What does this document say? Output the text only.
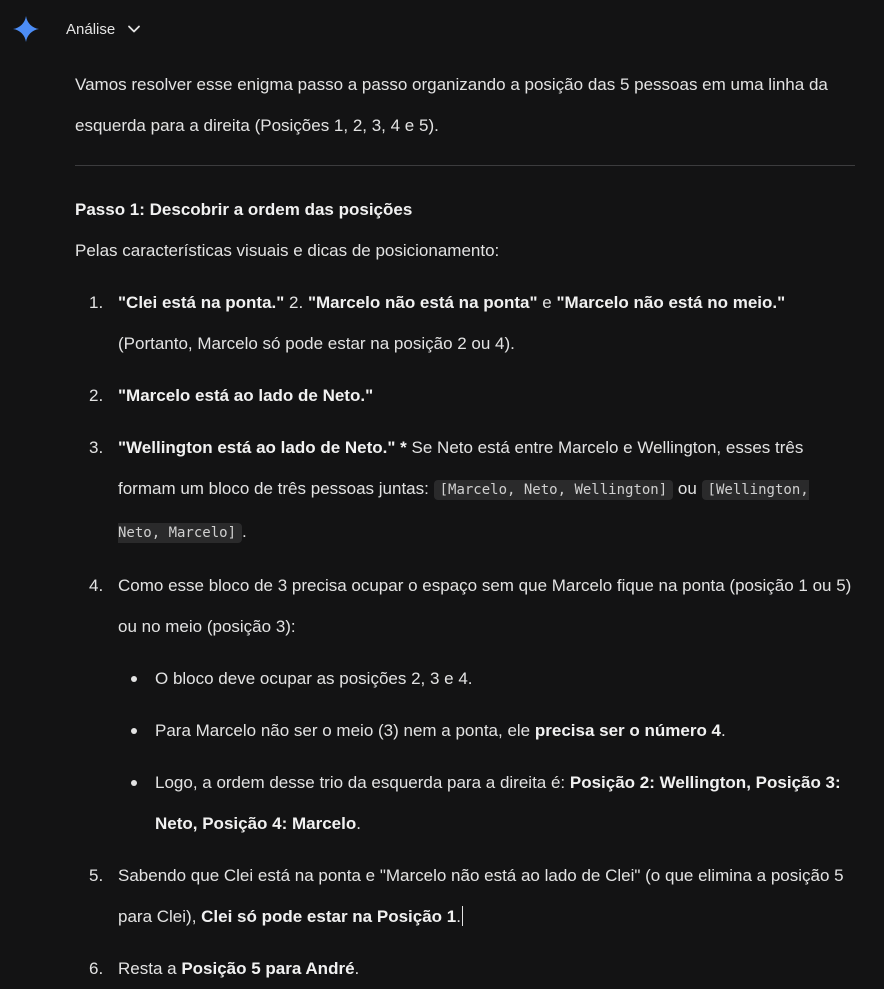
Análise

Vamos resolver esse enigma passo a passo organizando a posição das 5 pessoas em uma linha da esquerda para a direita (Posições 1, 2, 3, 4 e 5).

Passo 1: Descobrir a ordem das posições

Pelas características visuais e dicas de posicionamento:

1. "Clei está na ponta." 2. "Marcelo não está na ponta" e "Marcelo não está no meio." (Portanto, Marcelo só pode estar na posição 2 ou 4).
2. "Marcelo está ao lado de Neto."
3. "Wellington está ao lado de Neto." * Se Neto está entre Marcelo e Wellington, esses três formam um bloco de três pessoas juntas: [Marcelo, Neto, Wellington] ou [Wellington, Neto, Marcelo] .
4. Como esse bloco de 3 precisa ocupar o espaço sem que Marcelo fique na ponta (posição 1 ou 5) ou no meio (posição 3):
O bloco deve ocupar as posições 2, 3 e 4.
Para Marcelo não ser o meio (3) nem a ponta, ele precisa ser o número 4.
Logo, a ordem desse trio da esquerda para a direita é: Posição 2: Wellington, Posição 3: Neto, Posição 4: Marcelo.
5. Sabendo que Clei está na ponta e "Marcelo não está ao lado de Clei" (o que elimina a posição 5 para Clei), Clei só pode estar na Posição 1.
6. Resta a Posição 5 para André.
